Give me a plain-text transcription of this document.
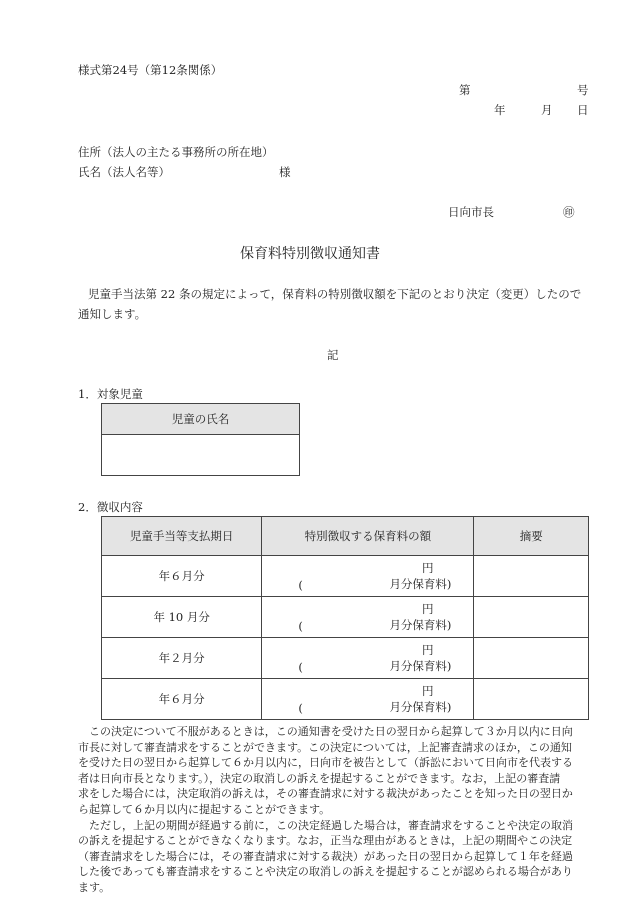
様式第24号（第12条関係）
第	号
年	月 日
住所（法人の主たる事務所の所在地）
氏名（法人名等）	様
日向市長	㊞
保育料特別徴収通知書
児童手当法第 22 条の規定によって，保育料の特別徴収額を下記のとおり決定（変更）したので
通知します。
記
1．対象児童
児童の氏名

2．徴収内容
児童手当等支払期日	特別徴収する保育料の額	摘要
年６月分	円
( 月分保育料)	

年 10 月分	円
( 月分保育料)	

年２月分	円
( 月分保育料)	

年６月分	円
( 月分保育料)	

　この決定について不服があるときは，この通知書を受けた日の翌日から起算して３か月以内に日向
市長に対して審査請求をすることができます。この決定については，上記審査請求のほか，この通知
を受けた日の翌日から起算して６か月以内に，日向市を被告として（訴訟において日向市を代表する
者は日向市長となります。），決定の取消しの訴えを提起することができます。なお，上記の審査請
求をした場合には，決定取消の訴えは，その審査請求に対する裁決があったことを知った日の翌日か
ら起算して６か月以内に提起することができます。
　ただし，上記の期間が経過する前に，この決定経過した場合は，審査請求をすることや決定の取消
の訴えを提起することができなくなります。なお，正当な理由があるときは，上記の期間やこの決定
（審査請求をした場合には，その審査請求に対する裁決）があった日の翌日から起算して１年を経過
した後であっても審査請求をすることや決定の取消しの訴えを提起することが認められる場合があり
ます。
